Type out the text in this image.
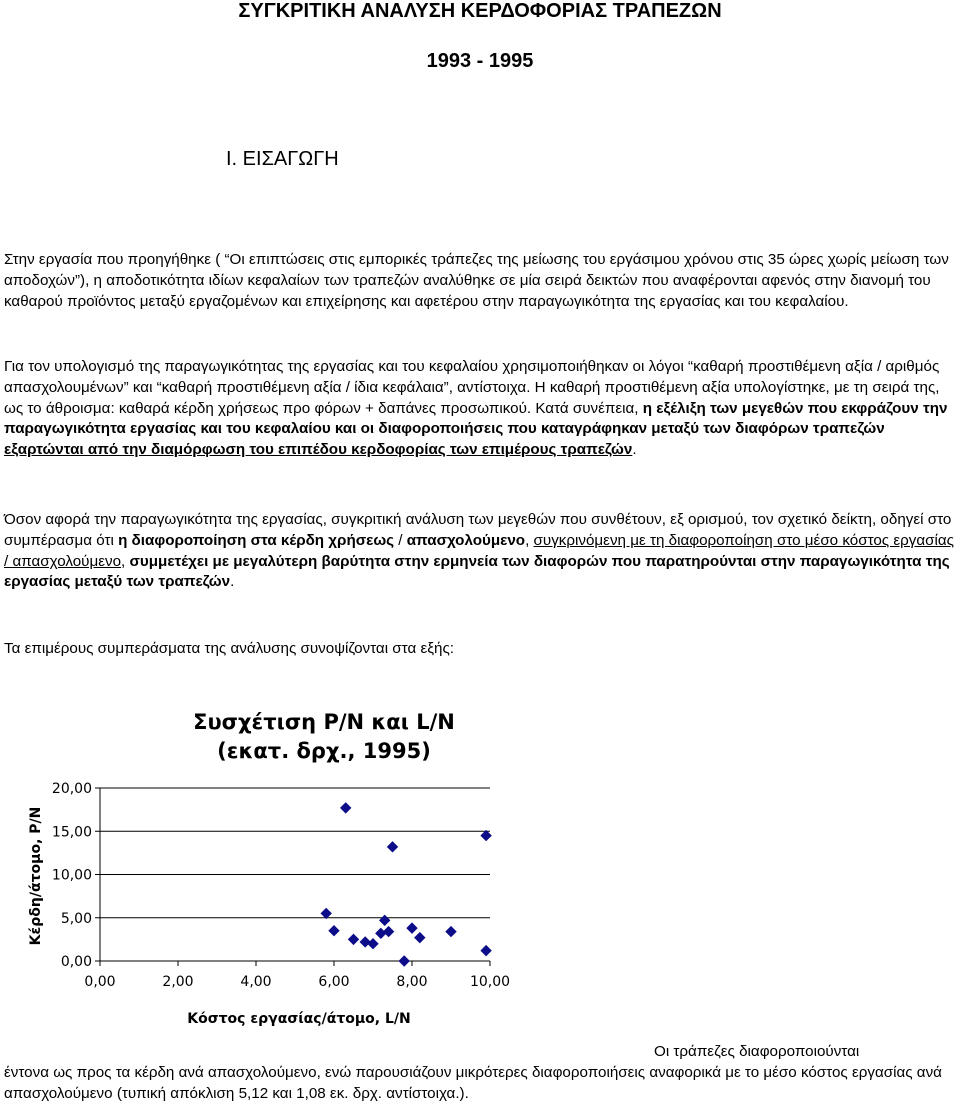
ΣΥΓΚΡΙΤΙΚΗ ΑΝΑΛΥΣΗ ΚΕΡΔΟΦΟΡΙΑΣ ΤΡΑΠΕΖΩΝ
1993 - 1995
Ι. ΕΙΣΑΓΩΓΗ

Στην εργασία που προηγήθηκε ( “Οι επιπτώσεις στις εμπορικές τράπεζες της μείωσης του εργάσιμου χρόνου στις 35 ώρες χωρίς μείωση των αποδοχών”), η αποδοτικότητα ιδίων κεφαλαίων των τραπεζών αναλύθηκε σε μία σειρά δεικτών που αναφέρονται αφενός στην διανομή του καθαρού προϊόντος μεταξύ εργαζομένων και επιχείρησης και αφετέρου στην παραγωγικότητα της εργασίας και του κεφαλαίου.

Για τον υπολογισμό της παραγωγικότητας της εργασίας και του κεφαλαίου χρησιμοποιήθηκαν οι λόγοι “καθαρή προστιθέμενη αξία / αριθμός απασχολουμένων” και “καθαρή προστιθέμενη αξία / ίδια κεφάλαια”, αντίστοιχα. Η καθαρή προστιθέμενη αξία υπολογίστηκε, με τη σειρά της, ως το άθροισμα: καθαρά κέρδη χρήσεως προ φόρων + δαπάνες προσωπικού. Κατά συνέπεια, η εξέλιξη των μεγεθών που εκφράζουν την παραγωγικότητα εργασίας και του κεφαλαίου και οι διαφοροποιήσεις που καταγράφηκαν μεταξύ των διαφόρων τραπεζών εξαρτώνται από την διαμόρφωση του επιπέδου κερδοφορίας των επιμέρους τραπεζών.

Όσον αφορά την παραγωγικότητα της εργασίας, συγκριτική ανάλυση των μεγεθών που συνθέτουν, εξ ορισμού, τον σχετικό δείκτη, οδηγεί στο συμπέρασμα ότι η διαφοροποίηση στα κέρδη χρήσεως / απασχολούμενο, συγκρινόμενη με τη διαφοροποίηση στο μέσο κόστος εργασίας / απασχολούμενο, συμμετέχει με μεγαλύτερη βαρύτητα στην ερμηνεία των διαφορών που παρατηρούνται στην παραγωγικότητα της εργασίας μεταξύ των τραπεζών.

Τα επιμέρους συμπεράσματα της ανάλυσης συνοψίζονται στα εξής:

Συσχέτιση P/N και L/N
(εκατ. δρχ., 1995)
Κέρδη/άτομο, P/N
Κόστος εργασίας/άτομο, L/N
0,00
5,00
10,00
15,00
20,00
0,00	2,00	4,00	6,00	8,00	10,00

Οι τράπεζες διαφοροποιούνται

έντονα ως προς τα κέρδη ανά απασχολούμενο, ενώ παρουσιάζουν μικρότερες διαφοροποιήσεις αναφορικά με το μέσο κόστος εργασίας ανά απασχολούμενο (τυπική απόκλιση 5,12 και 1,08 εκ. δρχ. αντίστοιχα.).
